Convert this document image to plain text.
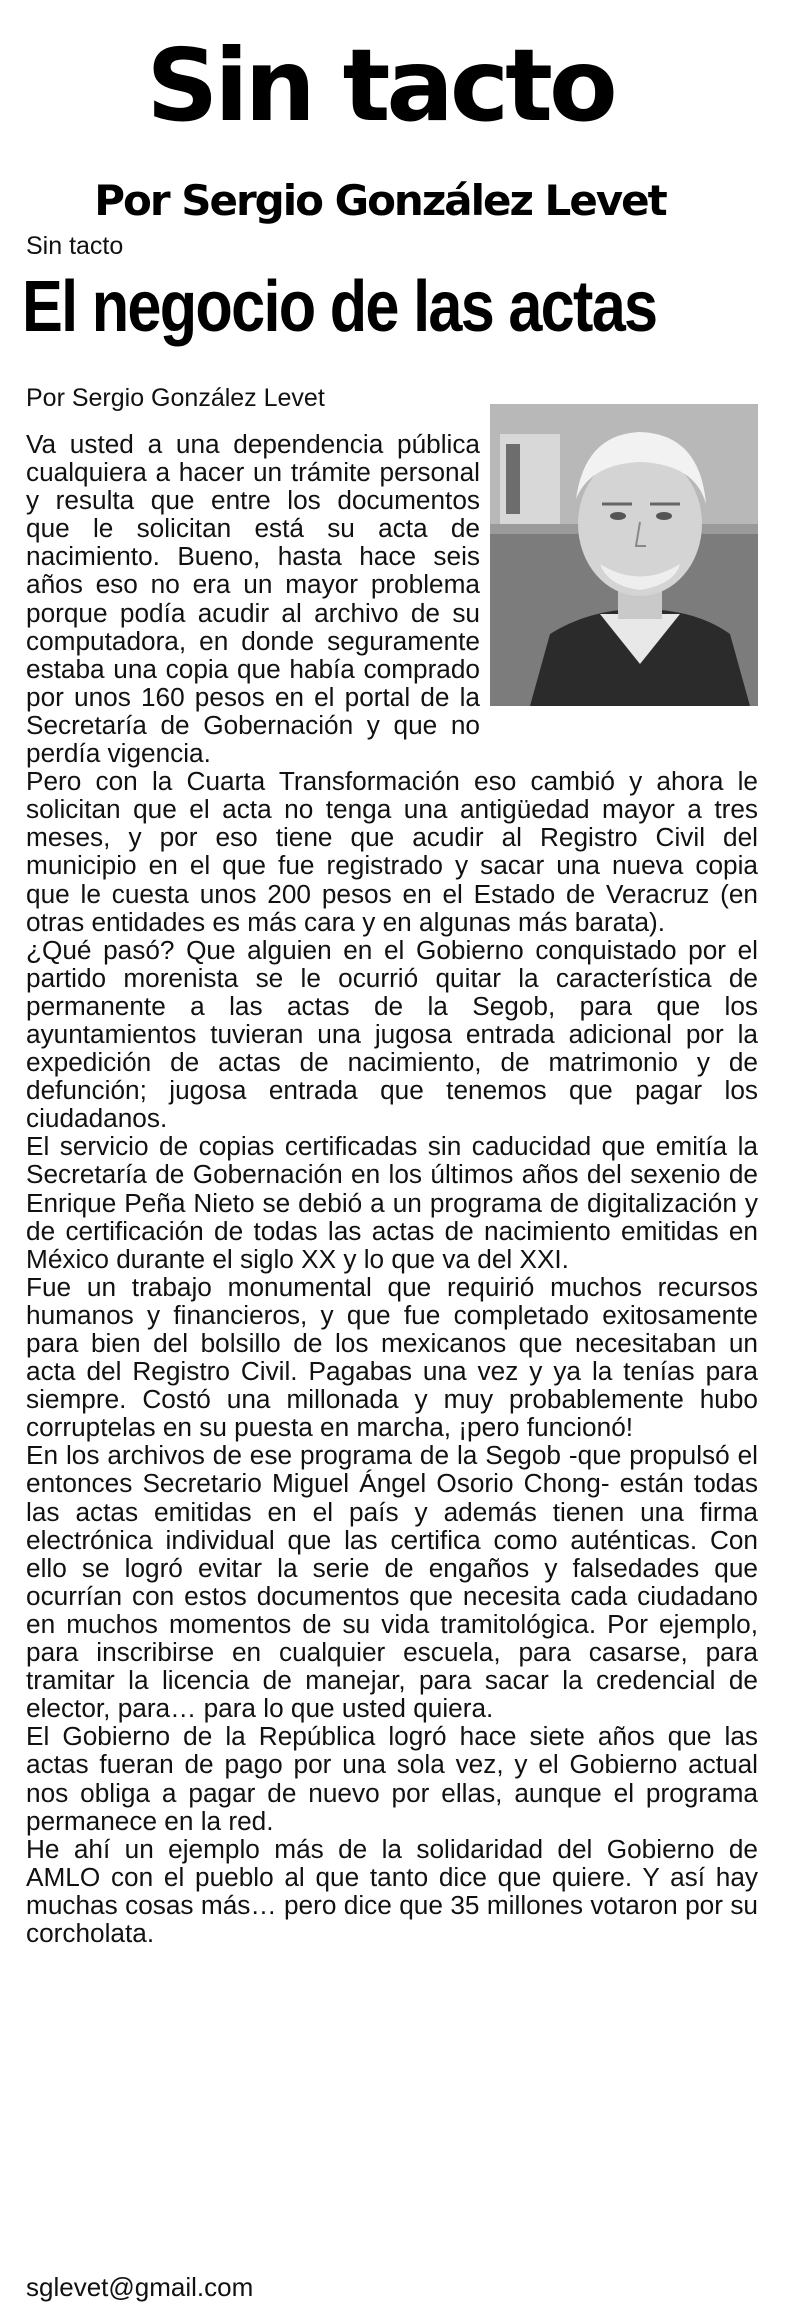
Sin tacto
Por Sergio González Levet
Sin tacto
El negocio de las actas
Por Sergio González Levet

Va usted a una dependencia pública cualquiera a hacer un trámite personal y resulta que entre los documentos que le solicitan está su acta de nacimiento. Bueno, hasta hace seis años eso no era un mayor problema porque podía acudir al archivo de su computadora, en donde seguramente estaba una copia que había comprado por unos 160 pesos en el portal de la Secretaría de Gobernación y que no perdía vigencia.

Pero con la Cuarta Transformación eso cambió y ahora le solicitan que el acta no tenga una antigüedad mayor a tres meses, y por eso tiene que acudir al Registro Civil del municipio en el que fue registrado y sacar una nueva copia que le cuesta unos 200 pesos en el Estado de Veracruz (en otras entidades es más cara y en algunas más barata).

¿Qué pasó? Que alguien en el Gobierno conquistado por el partido morenista se le ocurrió quitar la característica de permanente a las actas de la Segob, para que los ayuntamientos tuvieran una jugosa entrada adicional por la expedición de actas de nacimiento, de matrimonio y de defunción; jugosa entrada que tenemos que pagar los ciudadanos.

El servicio de copias certificadas sin caducidad que emitía la Secretaría de Gobernación en los últimos años del sexenio de Enrique Peña Nieto se debió a un programa de digitalización y de certificación de todas las actas de nacimiento emitidas en México durante el siglo XX y lo que va del XXI.

Fue un trabajo monumental que requirió muchos recursos humanos y financieros, y que fue completado exitosamente para bien del bolsillo de los mexicanos que necesitaban un acta del Registro Civil. Pagabas una vez y ya la tenías para siempre. Costó una millonada y muy probablemente hubo corruptelas en su puesta en marcha, ¡pero funcionó!

En los archivos de ese programa de la Segob -que propulsó el entonces Secretario Miguel Ángel Osorio Chong- están todas las actas emitidas en el país y además tienen una firma electrónica individual que las certifica como auténticas. Con ello se logró evitar la serie de engaños y falsedades que ocurrían con estos documentos que necesita cada ciudadano en muchos momentos de su vida tramitológica. Por ejemplo, para inscribirse en cualquier escuela, para casarse, para tramitar la licencia de manejar, para sacar la credencial de elector, para… para lo que usted quiera.

El Gobierno de la República logró hace siete años que las actas fueran de pago por una sola vez, y el Gobierno actual nos obliga a pagar de nuevo por ellas, aunque el programa permanece en la red.

He ahí un ejemplo más de la solidaridad del Gobierno de AMLO con el pueblo al que tanto dice que quiere. Y así hay muchas cosas más… pero dice que 35 millones votaron por su corcholata.

sglevet@gmail.com
